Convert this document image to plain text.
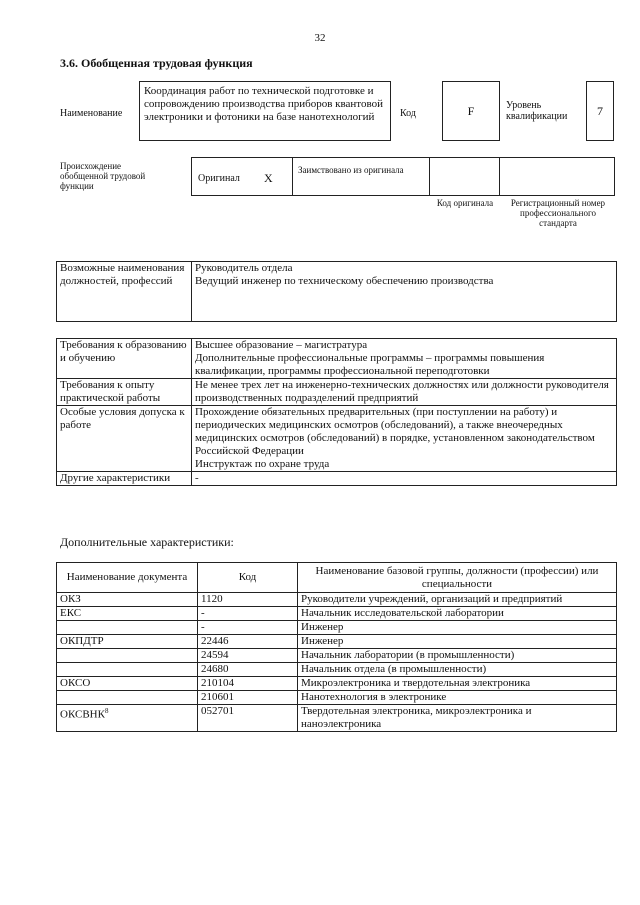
32
3.6. Обобщенная трудовая функция
Наименование
Координация работ по технической подготовке и сопровождению производства приборов квантовой электроники и фотоники на базе нанотехнологий	Код	F	Уровень квалификации	7
Происхождение обобщенной трудовой функции
Оригинал X
Заимствовано из оригинала
Код оригинала	Регистрационный номер профессионального стандарта
Возможные наименования должностей, профессий	
Руководитель отдела
Ведущий инженер по техническому обеспечению производства
Требования к образованию и обучению	Высшее образование – магистратура
Дополнительные профессиональные программы – программы повышения квалификации, программы профессиональной переподготовки

Требования к опыту практической работы	Не менее трех лет на инженерно-технических должностях или должности руководителя производственных подразделений предприятий

Особые условия допуска к работе	Прохождение обязательных предварительных (при поступлении на работу) и периодических медицинских осмотров (обследований), а также внеочередных медицинских осмотров (обследований) в порядке, установленном законодательством Российской Федерации
Инструктаж по охране труда

Другие характеристики	-
Дополнительные характеристики:
Наименование документа	Код	Наименование базовой группы, должности (профессии) или специальности
ОКЗ	1120	Руководители учреждений, организаций и предприятий
ЕКС	-	Начальник исследовательской лаборатории
	-	Инженер
ОКПДТР	22446	Инженер
	24594	Начальник лаборатории (в промышленности)
	24680	Начальник отдела (в промышленности)
ОКСО	210104	Микроэлектроника и твердотельная электроника
	210601	Нанотехнология в электронике
ОКСВНК$^8$	052701	Твердотельная электроника, микроэлектроника и наноэлектроника
